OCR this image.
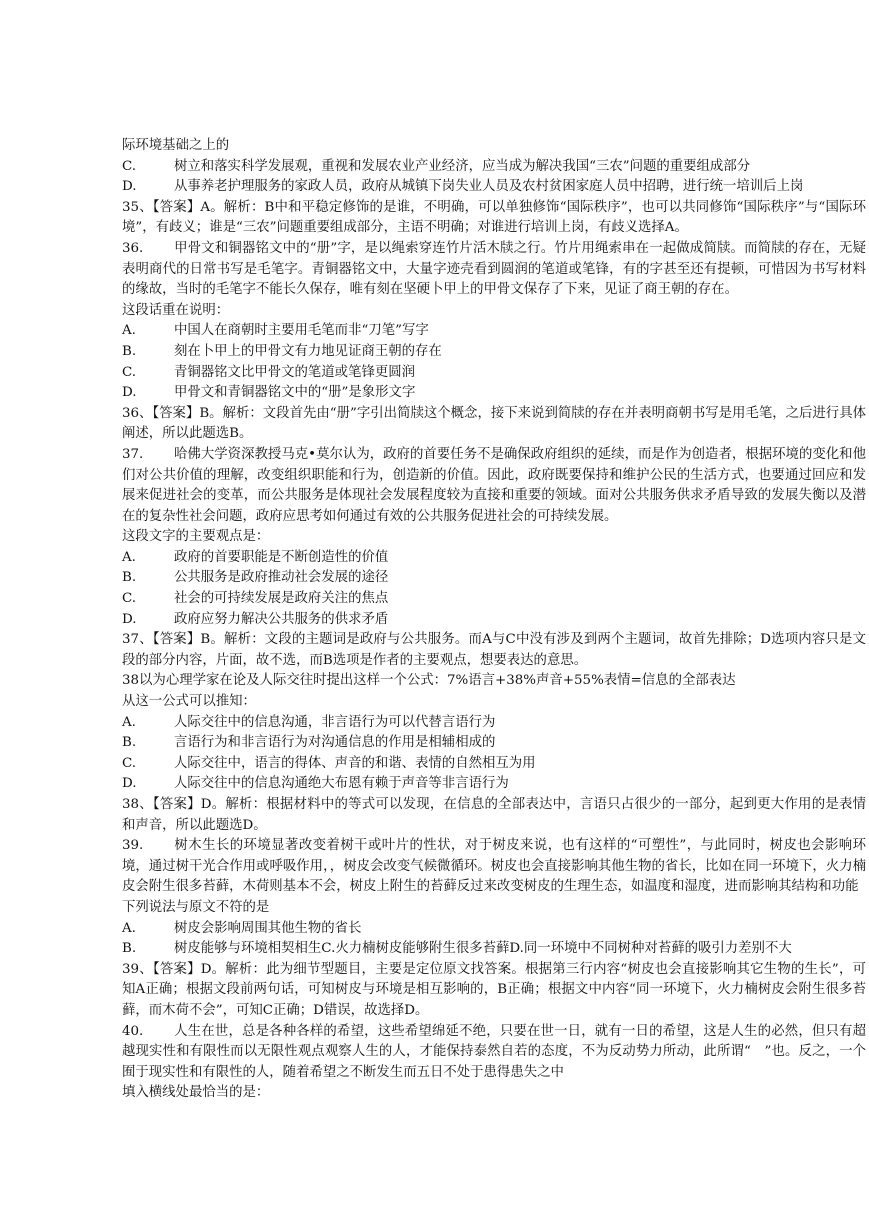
际环境基础之上的
C.	树立和落实科学发展观，重视和发展农业产业经济，应当成为解决我国“三农”问题的重要组成部分
D.	从事养老护理服务的家政人员，政府从城镇下岗失业人员及农村贫困家庭人员中招聘，进行统一培训后上岗
35、【答案】A。解析：B中和平稳定修饰的是谁，不明确，可以单独修饰“国际秩序”，也可以共同修饰“国际秩序”与“国际环境”，有歧义；谁是“三农”问题重要组成部分，主语不明确；对谁进行培训上岗，有歧义选择A。
36. 甲骨文和铜器铭文中的“册”字，是以绳索穿连竹片活木牍之行。竹片用绳索串在一起做成简牍。而简牍的存在，无疑表明商代的日常书写是毛笔字。青铜器铭文中，大量字迹壳看到圆润的笔道或笔锋，有的字甚至还有提顿，可惜因为书写材料的缘故，当时的毛笔字不能长久保存，唯有刻在坚硬卜甲上的甲骨文保存了下来，见证了商王朝的存在。
这段话重在说明：
A.	中国人在商朝时主要用毛笔而非“刀笔”写字
B.	刻在卜甲上的甲骨文有力地见证商王朝的存在
C.	青铜器铭文比甲骨文的笔道或笔锋更圆润
D.	甲骨文和青铜器铭文中的“册”是象形文字
36、【答案】B。解析：文段首先由“册”字引出简牍这个概念，接下来说到简牍的存在并表明商朝书写是用毛笔，之后进行具体阐述，所以此题选B。
37. 哈佛大学资深教授马克•莫尔认为，政府的首要任务不是确保政府组织的延续，而是作为创造者，根据环境的变化和他们对公共价值的理解，改变组织职能和行为，创造新的价值。因此，政府既要保持和维护公民的生活方式，也要通过回应和发展来促进社会的变革，而公共服务是体现社会发展程度较为直接和重要的领域。面对公共服务供求矛盾导致的发展失衡以及潜在的复杂性社会问题，政府应思考如何通过有效的公共服务促进社会的可持续发展。
这段文字的主要观点是：
A.	政府的首要职能是不断创造性的价值
B.	公共服务是政府推动社会发展的途径
C.	社会的可持续发展是政府关注的焦点
D.	政府应努力解决公共服务的供求矛盾
37、【答案】B。解析：文段的主题词是政府与公共服务。而A与C中没有涉及到两个主题词，故首先排除；D选项内容只是文段的部分内容，片面，故不选，而B选项是作者的主要观点，想要表达的意思。
38以为心理学家在论及人际交往时提出这样一个公式：7%语言+38%声音+55%表情=信息的全部表达
从这一公式可以推知：
A.	人际交往中的信息沟通，非言语行为可以代替言语行为
B.	言语行为和非言语行为对沟通信息的作用是相辅相成的
C.	人际交往中，语言的得体、声音的和谐、表情的自然相互为用
D.	人际交往中的信息沟通绝大布恩有赖于声音等非言语行为
38、【答案】D。解析：根据材料中的等式可以发现，在信息的全部表达中，言语只占很少的一部分，起到更大作用的是表情和声音，所以此题选D。
39. 树木生长的环境显著改变着树干或叶片的性状，对于树皮来说，也有这样的“可塑性”，与此同时，树皮也会影响环境，通过树干光合作用或呼吸作用，，树皮会改变气候微循环。树皮也会直接影响其他生物的省长，比如在同一环境下，火力楠皮会附生很多苔藓，木荷则基本不会，树皮上附生的苔藓反过来改变树皮的生理生态，如温度和湿度，进而影响其结构和功能
下列说法与原文不符的是
A.	树皮会影响周围其他生物的省长
B.	树皮能够与环境相契相生C.火力楠树皮能够附生很多苔藓D.同一环境中不同树种对苔藓的吸引力差别不大
39、【答案】D。解析：此为细节型题目，主要是定位原文找答案。根据第三行内容“树皮也会直接影响其它生物的生长”，可知A正确；根据文段前两句话，可知树皮与环境是相互影响的，B正确；根据文中内容“同一环境下，火力楠树皮会附生很多苔藓，而木荷不会”，可知C正确；D错误，故选择D。
40. 人生在世，总是各种各样的希望，这些希望绵延不绝，只要在世一日，就有一日的希望，这是人生的必然，但只有超越现实性和有限性而以无限性观点观察人生的人，才能保持泰然自若的态度，不为反动势力所动，此所谓“　”也。反之，一个囿于现实性和有限性的人，随着希望之不断发生而五日不处于患得患失之中
填入横线处最恰当的是：
